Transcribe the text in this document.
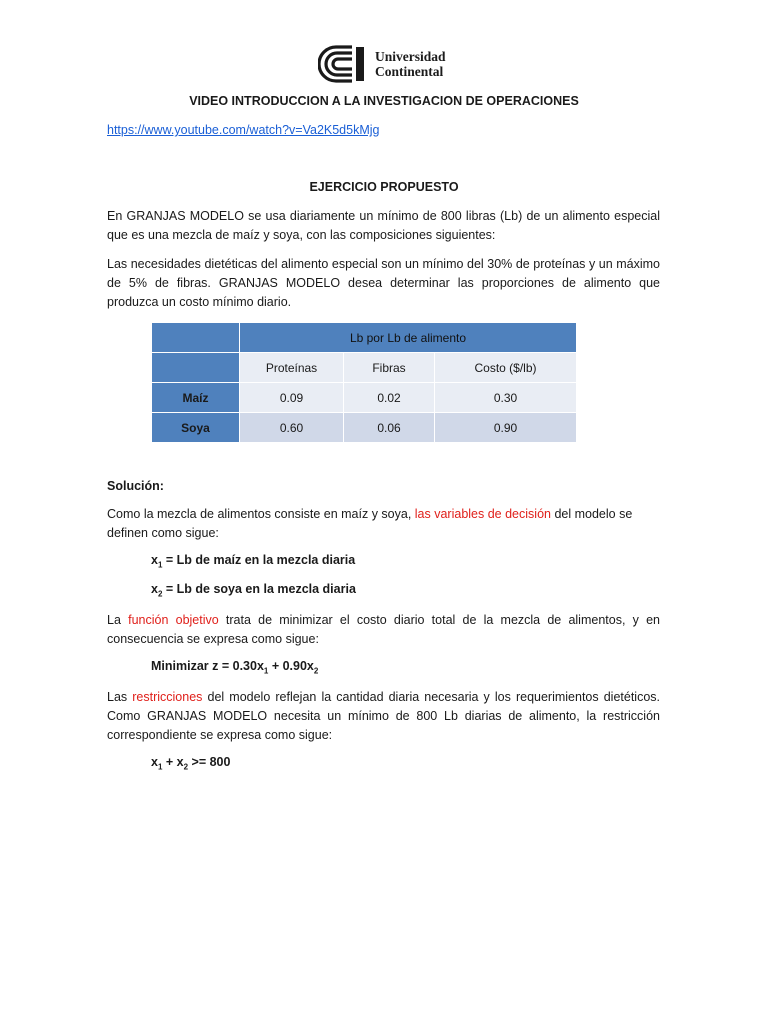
Universidad
Continental
VIDEO INTRODUCCION A LA INVESTIGACION DE OPERACIONES
https://www.youtube.com/watch?v=Va2K5d5kMjg
EJERCICIO PROPUESTO
En GRANJAS MODELO se usa diariamente un mínimo de 800 libras (Lb) de un alimento especial que es una mezcla de maíz y soya, con las composiciones siguientes:
Las necesidades dietéticas del alimento especial son un mínimo del 30% de proteínas y un máximo de 5% de fibras. GRANJAS MODELO desea determinar las proporciones de alimento que produzca un costo mínimo diario.
	Lb por Lb de alimento		
	Proteínas	Fibras	Costo ($/lb)
Maíz	0.09	0.02	0.30
Soya	0.60	0.06	0.90
Solución:
Como la mezcla de alimentos consiste en maíz y soya, las variables de decisión del modelo se definen como sigue:
$x_1 = Lb$ de maíz en la mezcla diaria
$x_2 = Lb$ de soya en la mezcla diaria
La función objetivo trata de minimizar el costo diario total de la mezcla de alimentos, y en consecuencia se expresa como sigue:
Minimizar $z = 0.30x_1 + 0.90x_2$
Las restricciones del modelo reflejan la cantidad diaria necesaria y los requerimientos dietéticos. Como GRANJAS MODELO necesita un mínimo de 800 Lb diarias de alimento, la restricción correspondiente se expresa como sigue:
$x_1 + x_2 >= 800$
